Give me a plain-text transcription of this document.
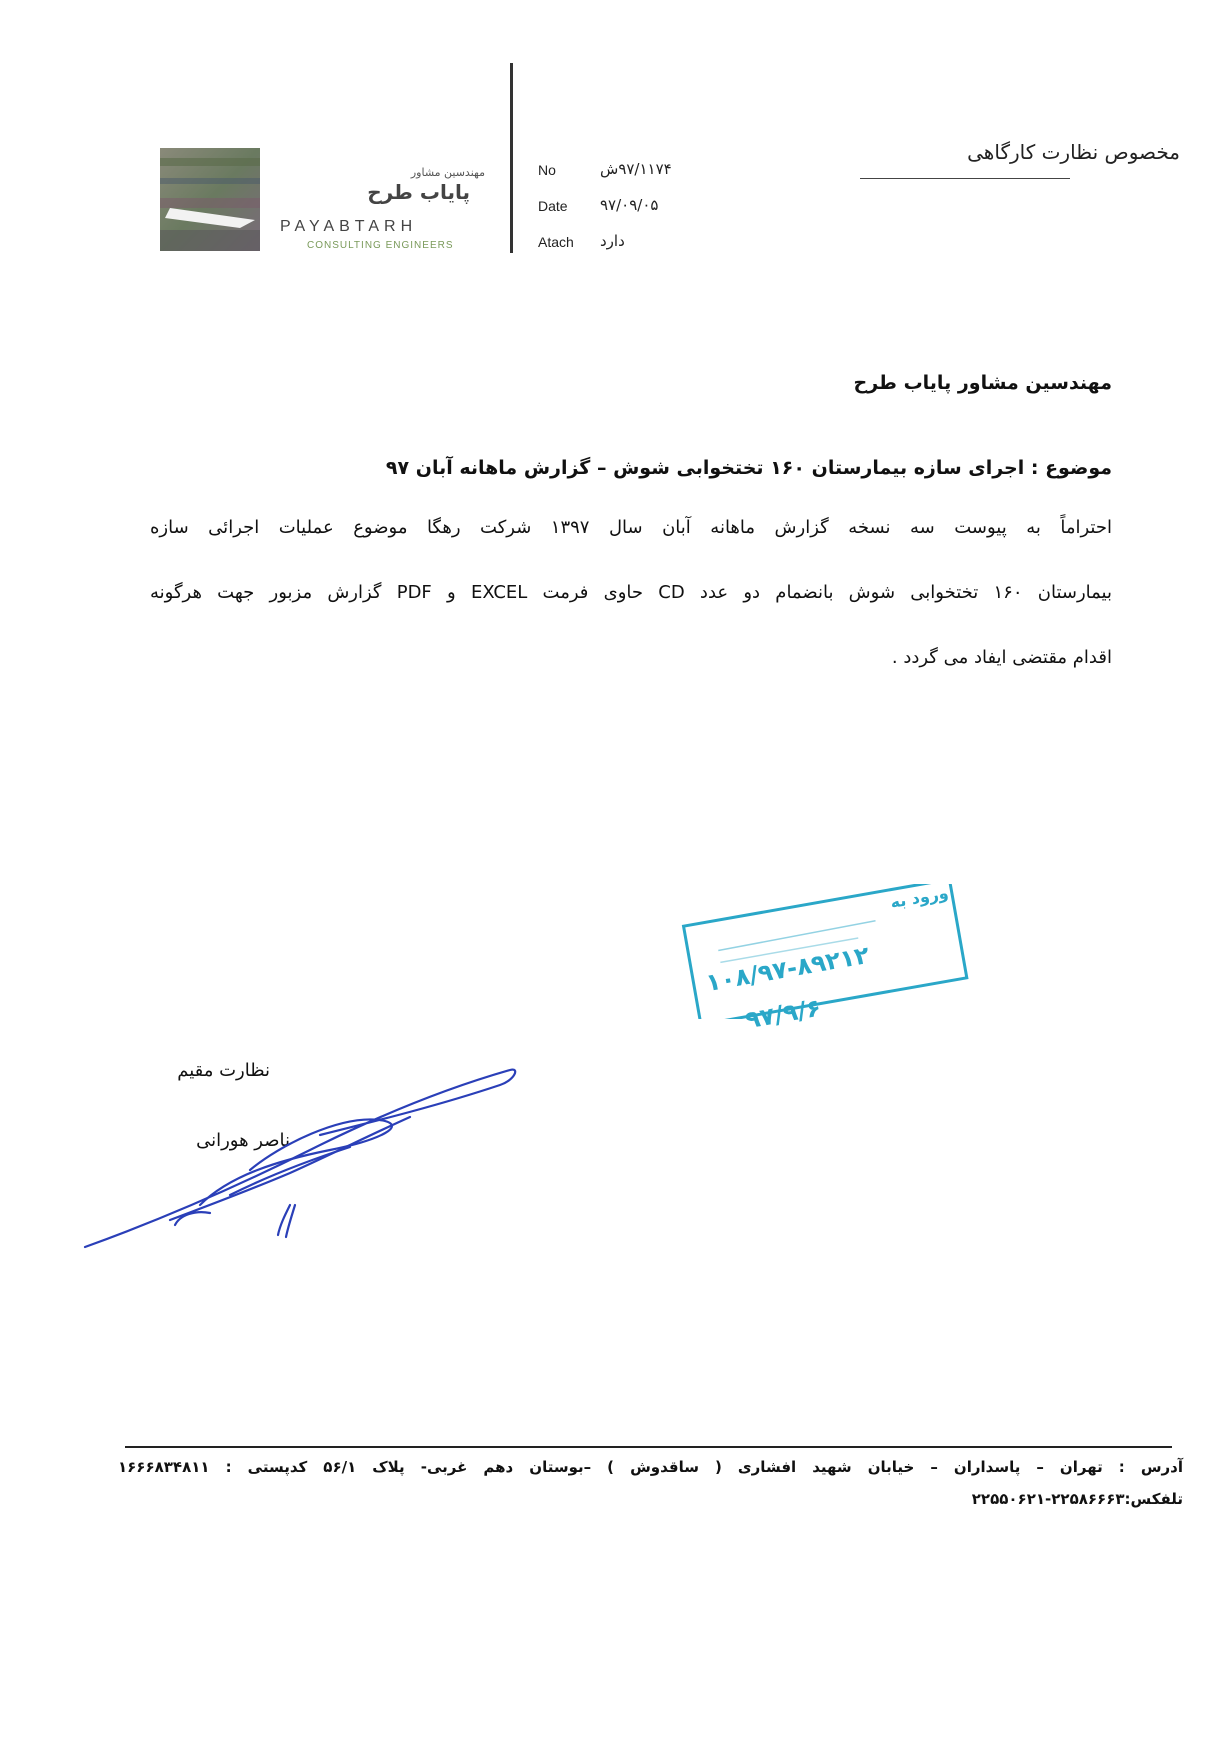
مهندسین مشاور
پایاب طرح
PAYABTARH
CONSULTING ENGINEERS
No	۹۷/۱۱۷۴ش
Date ۹۷/۰۹/۰۵
Atach دارد
مخصوص نظارت کارگاهی
مهندسین مشاور پایاب طرح
موضوع : اجرای سازه بیمارستان ۱۶۰ تختخوابی شوش – گزارش ماهانه آبان ۹۷
احتراماً به پیوست سه نسخه گزارش ماهانه آبان سال ۱۳۹۷ شرکت رهگا موضوع عملیات اجرائی سازه
بیمارستان ۱۶۰ تختخوابی شوش بانضمام دو عدد CD حاوی فرمت EXCEL و PDF گزارش مزبور جهت هرگونه
اقدام مقتضی ایفاد می گردد .
ورود به
۱۰۸/۹۷-۸۹۲۱۲
۹۷/۹/۶
نظارت مقیم
ناصر هورانی
آدرس : تهران – پاسداران – خیابان شهید افشاری ( ساقدوش ) –بوستان دهم غربی- پلاک ۵۶/۱ کدپستی : ۱۶۶۶۸۳۴۸۱۱
تلفکس:۲۲۵۸۶۶۶۳-۲۲۵۵۰۶۲۱
